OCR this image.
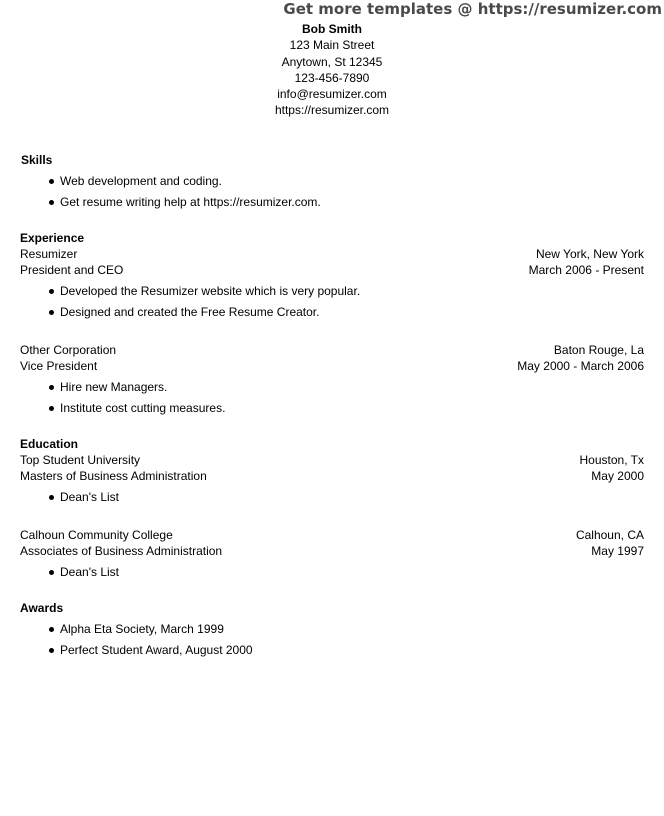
Get more templates @ https://resumizer.com
Bob Smith
123 Main Street
Anytown, St 12345
123-456-7890
info@resumizer.com
https://resumizer.com
Skills
Web development and coding.
Get resume writing help at https://resumizer.com.
Experience
Resumizer	New York, New York
President and CEO	March 2006 - Present
Developed the Resumizer website which is very popular.
Designed and created the Free Resume Creator.
Other Corporation	Baton Rouge, La
Vice President	May 2000 - March 2006
Hire new Managers.
Institute cost cutting measures.
Education
Top Student University	Houston, Tx
Masters of Business Administration	May 2000
Dean's List
Calhoun Community College	Calhoun, CA
Associates of Business Administration	May 1997
Dean's List
Awards
Alpha Eta Society, March 1999
Perfect Student Award, August 2000
